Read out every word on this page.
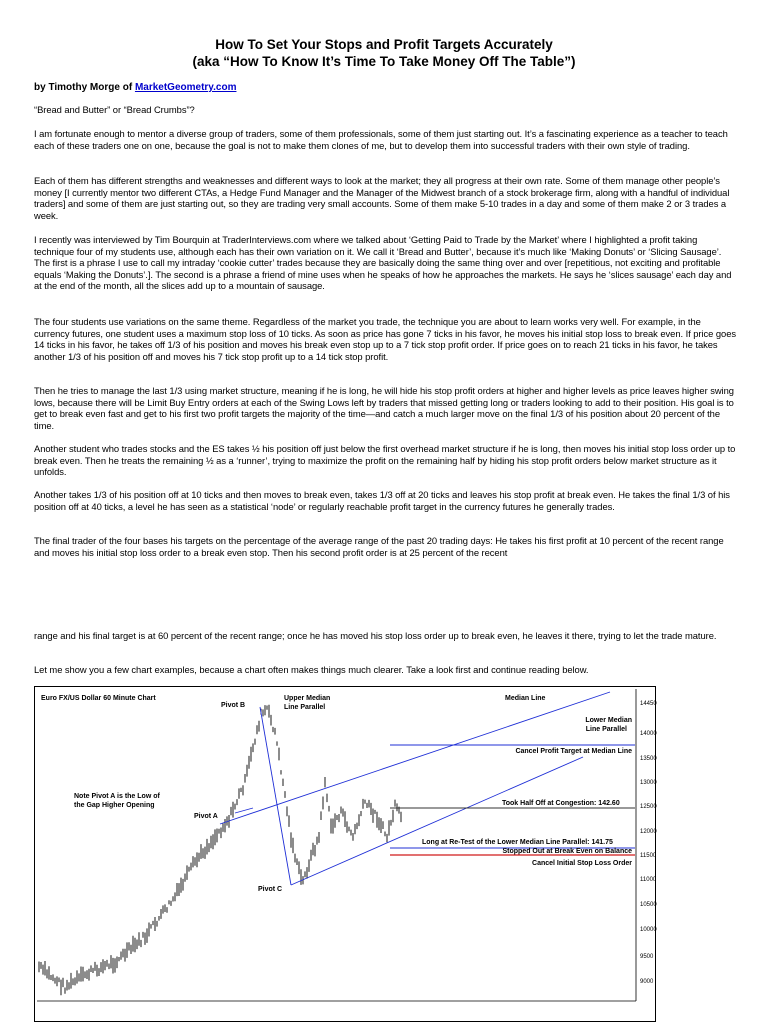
How To Set Your Stops and Profit Targets Accurately
(aka “How To Know It’s Time To Take Money Off The Table”)
by Timothy Morge of MarketGeometry.com
“Bread and Butter” or “Bread Crumbs”?
I am fortunate enough to mentor a diverse group of traders, some of them professionals, some of them just starting out. It’s a fascinating experience as a teacher to teach each of these traders one on one, because the goal is not to make them clones of me, but to develop them into successful traders with their own style of trading.
Each of them has different strengths and weaknesses and different ways to look at the market; they all progress at their own rate. Some of them manage other people’s money [I currently mentor two different CTAs, a Hedge Fund Manager and the Manager of the Midwest branch of a stock brokerage firm, along with a handful of individual traders] and some of them are just starting out, so they are trading very small accounts. Some of them make 5-10 trades in a day and some of them make 2 or 3 trades a week.
I recently was interviewed by Tim Bourquin at TraderInterviews.com where we talked about ‘Getting Paid to Trade by the Market’ where I highlighted a profit taking technique four of my students use, although each has their own variation on it. We call it ‘Bread and Butter’, because it’s much like ‘Making Donuts’ or ‘Slicing Sausage’. The first is a phrase I use to call my intraday ‘cookie cutter’ trades because they are basically doing the same thing over and over [repetitious, not exciting and profitable equals ‘Making the Donuts’.]. The second is a phrase a friend of mine uses when he speaks of how he approaches the markets. He says he ‘slices sausage’ each day and at the end of the month, all the slices add up to a mountain of sausage.
The four students use variations on the same theme. Regardless of the market you trade, the technique you are about to learn works very well. For example, in the currency futures, one student uses a maximum stop loss of 10 ticks. As soon as price has gone 7 ticks in his favor, he moves his initial stop loss to break even. If price goes 14 ticks in his favor, he takes off 1/3 of his position and moves his break even stop up to a 7 tick stop profit order. If price goes on to reach 21 ticks in his favor, he takes another 1/3 of his position off and moves his 7 tick stop profit up to a 14 tick stop profit.
Then he tries to manage the last 1/3 using market structure, meaning if he is long, he will hide his stop profit orders at higher and higher levels as price leaves higher swing lows, because there will be Limit Buy Entry orders at each of the Swing Lows left by traders that missed getting long or traders looking to add to their position. His goal is to get to break even fast and get to his first two profit targets the majority of the time—and catch a much larger move on the final 1/3 of his position about 20 percent of the time.
Another student who trades stocks and the ES takes ½ his position off just below the first overhead market structure if he is long, then moves his initial stop loss order up to break even. Then he treats the remaining ½ as a ‘runner’, trying to maximize the profit on the remaining half by hiding his stop profit orders below market structure as it unfolds.
Another takes 1/3 of his position off at 10 ticks and then moves to break even, takes 1/3 off at 20 ticks and leaves his stop profit at break even. He takes the final 1/3 of his position off at 40 ticks, a level he has seen as a statistical ‘node’ or regularly reachable profit target in the currency futures he generally trades.
The final trader of the four bases his targets on the percentage of the average range of the past 20 trading days: He takes his first profit at 10 percent of the recent range and moves his initial stop loss order to a break even stop. Then his second profit order is at 25 percent of the recent
range and his final target is at 60 percent of the recent range; once he has moved his stop loss order up to break even, he leaves it there, trying to let the trade mature.
Let me show you a few chart examples, because a chart often makes things much clearer. Take a look first and continue reading below.
14450
14000
13500
13000
12500
12000
11500
11000
10500
10000
9500
9000
Euro FX/US Dollar 60 Minute Chart
Pivot B
Upper Median
Line Parallel
Median Line
Lower Median
Line Parallel
Cancel Profit Target at Median Line
Note Pivot A is the Low of
the Gap Higher Opening
Pivot A
Took Half Off at Congestion: 142.60
Long at Re-Test of the Lower Median Line Parallel: 141.75
Stopped Out at Break Even on Balance
Cancel Initial Stop Loss Order
Pivot C
